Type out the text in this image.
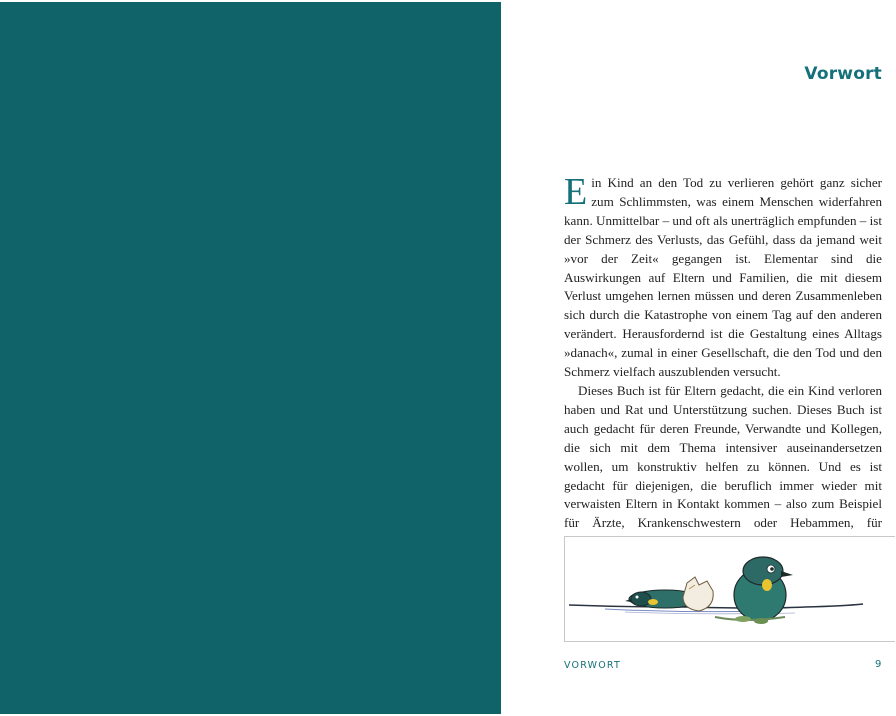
Vorwort

Ein Kind an den Tod zu verlieren gehört ganz sicher zum Schlimmsten, was einem Menschen widerfahren kann. Unmittelbar – und oft als unerträglich empfunden – ist der Schmerz des Verlusts, das Gefühl, dass da jemand weit »vor der Zeit« gegangen ist. Elementar sind die Auswirkungen auf Eltern und Familien, die mit diesem Verlust umgehen lernen müssen und deren Zusammenleben sich durch die Katastrophe von einem Tag auf den anderen verändert. Herausfordernd ist die Gestaltung eines Alltags »danach«, zumal in einer Gesellschaft, die den Tod und den Schmerz vielfach auszublenden versucht.

Dieses Buch ist für Eltern gedacht, die ein Kind verloren haben und Rat und Unterstützung suchen. Dieses Buch ist auch gedacht für deren Freunde, Verwandte und Kollegen, die sich mit dem Thema intensiver auseinandersetzen wollen, um konstruktiv helfen zu können. Und es ist gedacht für diejenigen, die beruflich immer wieder mit verwaisten Eltern in Kontakt kommen – also zum Beispiel für Ärzte, Krankenschwestern oder Hebammen, für

VORWORT	9
